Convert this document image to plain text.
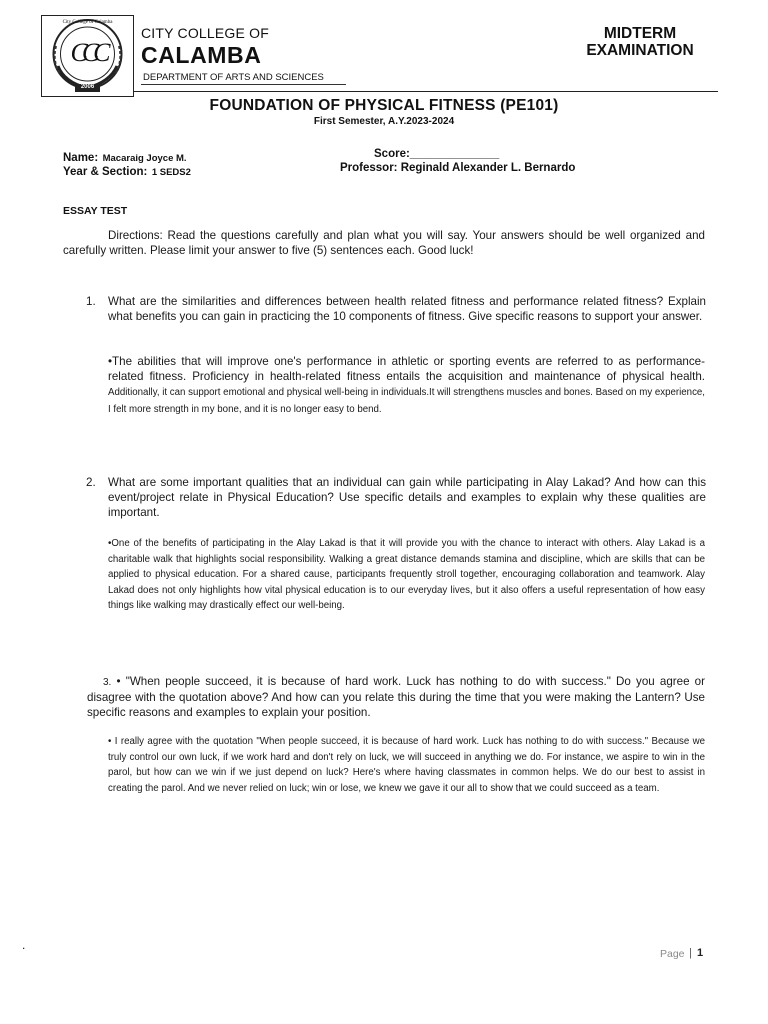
City College of Calamba
CCC
2006
CITY COLLEGE OF
CALAMBA
DEPARTMENT OF ARTS AND SCIENCES
MIDTERM
EXAMINATION
FOUNDATION OF PHYSICAL FITNESS (PE101)
First Semester, A.Y.2023-2024
Name: Macaraig Joyce M.
Year & Section: 1 SEDS2
Score:______________
Professor: Reginald Alexander L. Bernardo
ESSAY TEST
Directions: Read the questions carefully and plan what you will say. Your answers should be well organized and carefully written. Please limit your answer to five (5) sentences each. Good luck!
1. What are the similarities and differences between health related fitness and performance related fitness? Explain what benefits you can gain in practicing the 10 components of fitness. Give specific reasons to support your answer.
•The abilities that will improve one's performance in athletic or sporting events are referred to as performance-related fitness. Proficiency in health-related fitness entails the acquisition and maintenance of physical health. Additionally, it can support emotional and physical well-being in individuals.It will strengthens muscles and bones. Based on my experience, I felt more strength in my bone, and it is no longer easy to bend.
2. What are some important qualities that an individual can gain while participating in Alay Lakad? And how can this event/project relate in Physical Education? Use specific details and examples to explain why these qualities are important.
•One of the benefits of participating in the Alay Lakad is that it will provide you with the chance to interact with others. Alay Lakad is a charitable walk that highlights social responsibility. Walking a great distance demands stamina and discipline, which are skills that can be applied to physical education. For a shared cause, participants frequently stroll together, encouraging collaboration and teamwork. Alay Lakad does not only highlights how vital physical education is to our everyday lives, but it also offers a useful representation of how easy things like walking may drastically effect our well-being.
3. • "When people succeed, it is because of hard work. Luck has nothing to do with success." Do you agree or disagree with the quotation above? And how can you relate this during the time that you were making the Lantern? Use specific reasons and examples to explain your position.
• I really agree with the quotation "When people succeed, it is because of hard work. Luck has nothing to do with success." Because we truly control our own luck, if we work hard and don't rely on luck, we will succeed in anything we do. For instance, we aspire to win in the parol, but how can we win if we just depend on luck? Here's where having classmates in common helps. We do our best to assist in creating the parol. And we never relied on luck; win or lose, we knew we gave it our all to show that we could succeed as a team.
.
Page | 1
